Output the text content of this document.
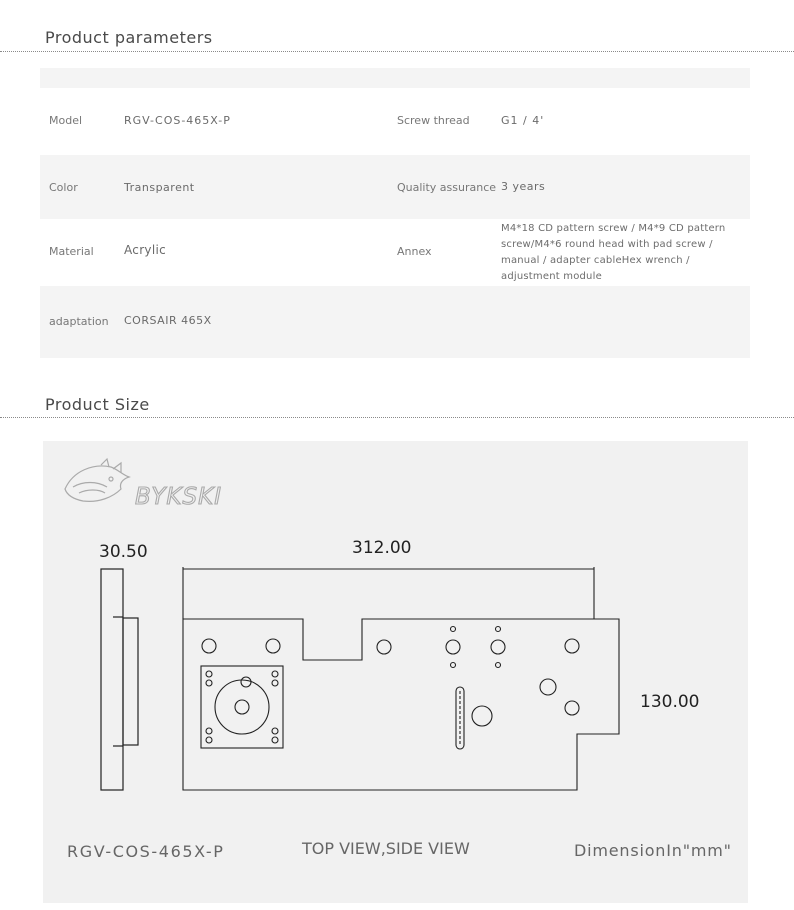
Product parameters
Model	RGV-COS-465X-P	Screw thread	G1 / 4'
Color	Transparent	Quality assurance 3 years
Material	Acrylic	Annex
M4*18 CD pattern screw / M4*9 CD pattern screw/M4*6 round head with pad screw / manual / adapter cableHex wrench / adjustment module
adaptation CORSAIR 465X
Product Size
BYKSKI
30.50	312.00
130.00
RGV-COS-465X-P	TOP VIEW,SIDE VIEW	DimensionIn"mm"
